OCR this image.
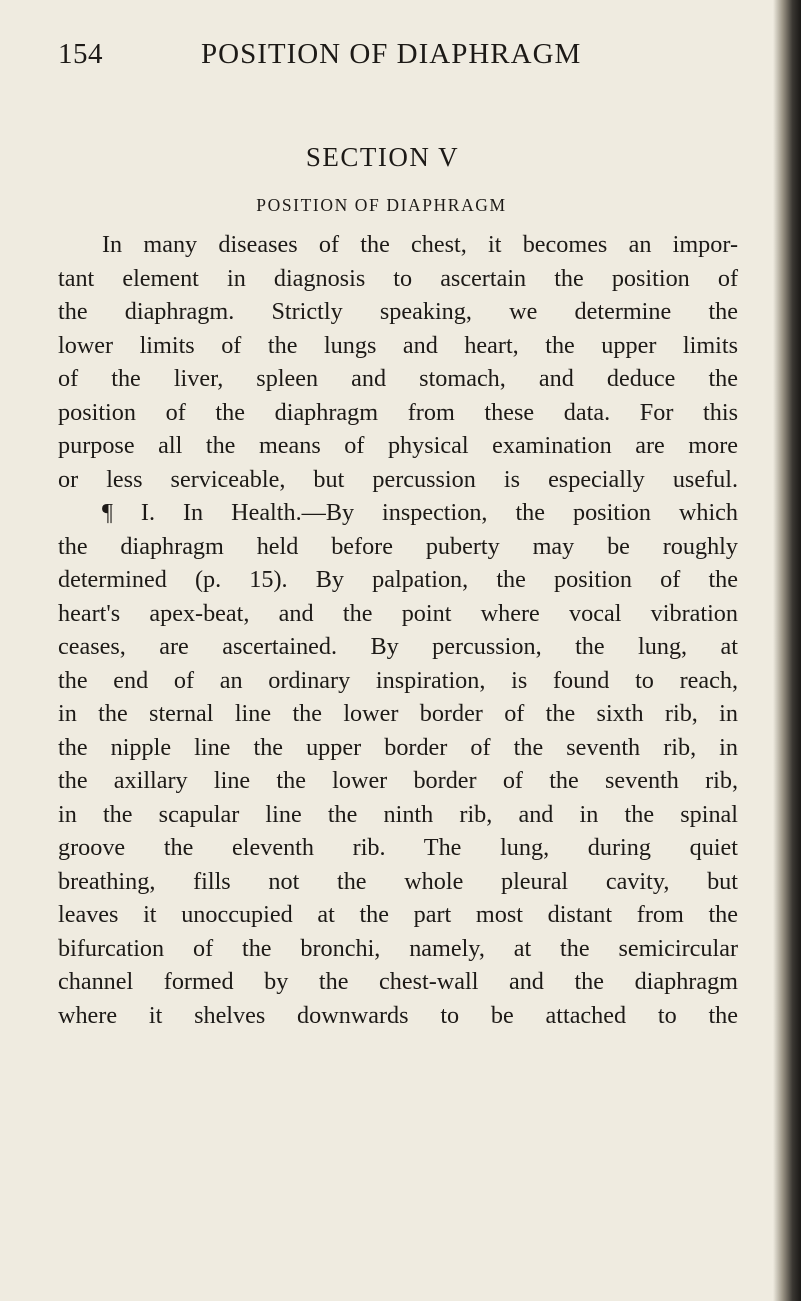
154	POSITION OF DIAPHRAGM
SECTION V
POSITION OF DIAPHRAGM
In many diseases of the chest, it becomes an impor-
tant element in diagnosis to ascertain the position of
the diaphragm. Strictly speaking, we determine the
lower limits of the lungs and heart, the upper limits
of the liver, spleen and stomach, and deduce the
position of the diaphragm from these data. For this
purpose all the means of physical examination are more
or less serviceable, but percussion is especially useful.
¶ I. In Health.—By inspection, the position which
the diaphragm held before puberty may be roughly
determined (p. 15). By palpation, the position of the
heart's apex-beat, and the point where vocal vibration
ceases, are ascertained. By percussion, the lung, at
the end of an ordinary inspiration, is found to reach,
in the sternal line the lower border of the sixth rib, in
the nipple line the upper border of the seventh rib, in
the axillary line the lower border of the seventh rib,
in the scapular line the ninth rib, and in the spinal
groove the eleventh rib. The lung, during quiet
breathing, fills not the whole pleural cavity, but
leaves it unoccupied at the part most distant from the
bifurcation of the bronchi, namely, at the semicircular
channel formed by the chest-wall and the diaphragm
where it shelves downwards to be attached to the
